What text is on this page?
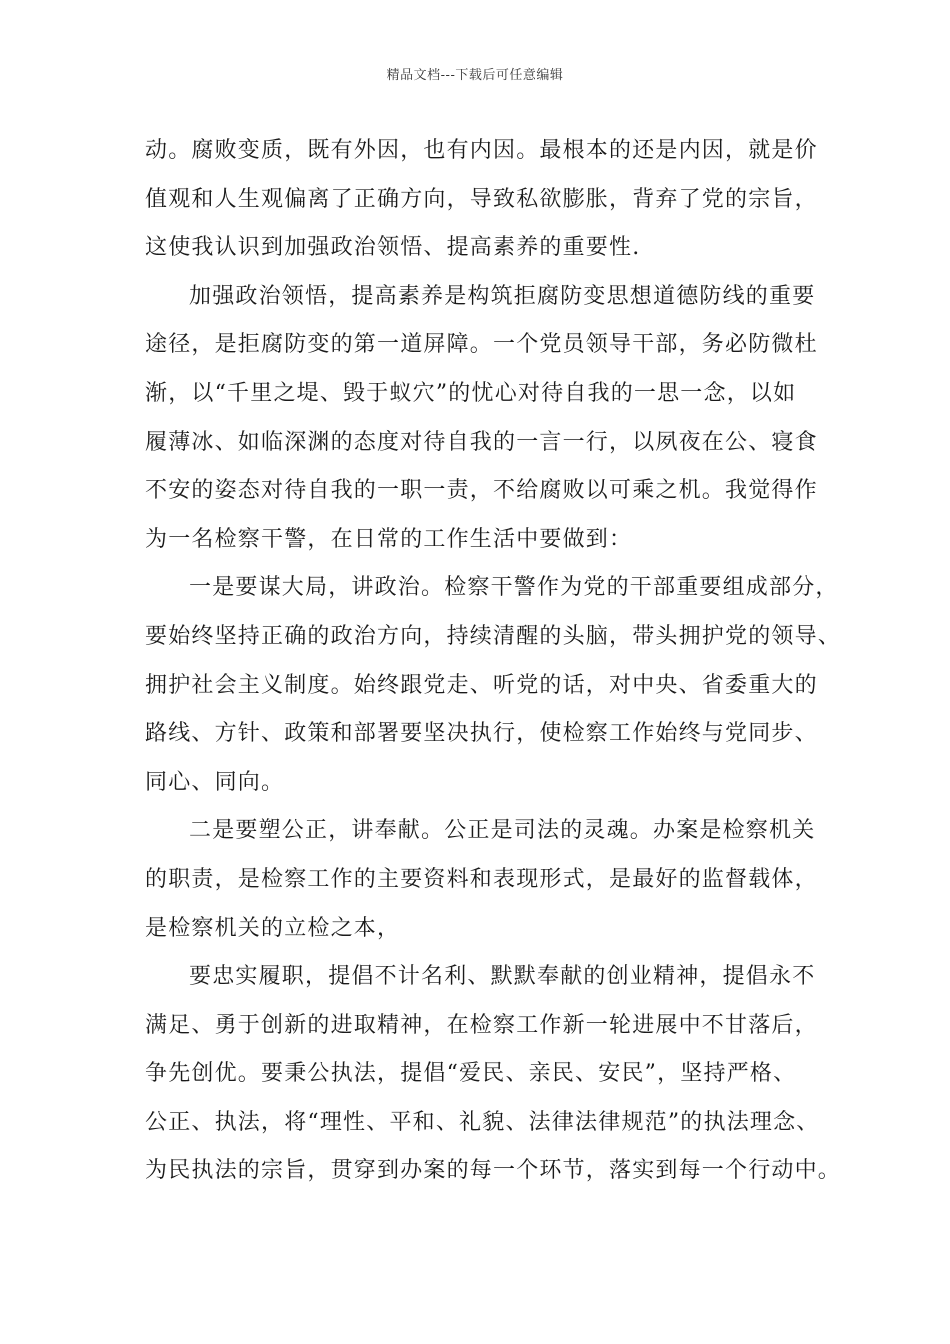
精品文档---下载后可任意编辑
动。腐败变质，既有外因，也有内因。最根本的还是内因，就是价
值观和人生观偏离了正确方向，导致私欲膨胀，背弃了党的宗旨，
这使我认识到加强政治领悟、提高素养的重要性.
加强政治领悟，提高素养是构筑拒腐防变思想道德防线的重要
途径，是拒腐防变的第一道屏障。一个党员领导干部，务必防微杜
渐，以“千里之堤、毁于蚁穴”的忧心对待自我的一思一念，以如
履薄冰、如临深渊的态度对待自我的一言一行，以夙夜在公、寝食
不安的姿态对待自我的一职一责，不给腐败以可乘之机。我觉得作
为一名检察干警，在日常的工作生活中要做到：
一是要谋大局，讲政治。检察干警作为党的干部重要组成部分，
要始终坚持正确的政治方向，持续清醒的头脑，带头拥护党的领导、
拥护社会主义制度。始终跟党走、听党的话，对中央、省委重大的
路线、方针、政策和部署要坚决执行，使检察工作始终与党同步、
同心、同向。
二是要塑公正，讲奉献。公正是司法的灵魂。办案是检察机关
的职责，是检察工作的主要资料和表现形式，是最好的监督载体，
是检察机关的立检之本，
要忠实履职，提倡不计名利、默默奉献的创业精神，提倡永不
满足、勇于创新的进取精神，在检察工作新一轮进展中不甘落后，
争先创优。要秉公执法，提倡“爱民、亲民、安民”，坚持严格、
公正、执法，将“理性、平和、礼貌、法律法律规范”的执法理念、
为民执法的宗旨，贯穿到办案的每一个环节，落实到每一个行动中。
